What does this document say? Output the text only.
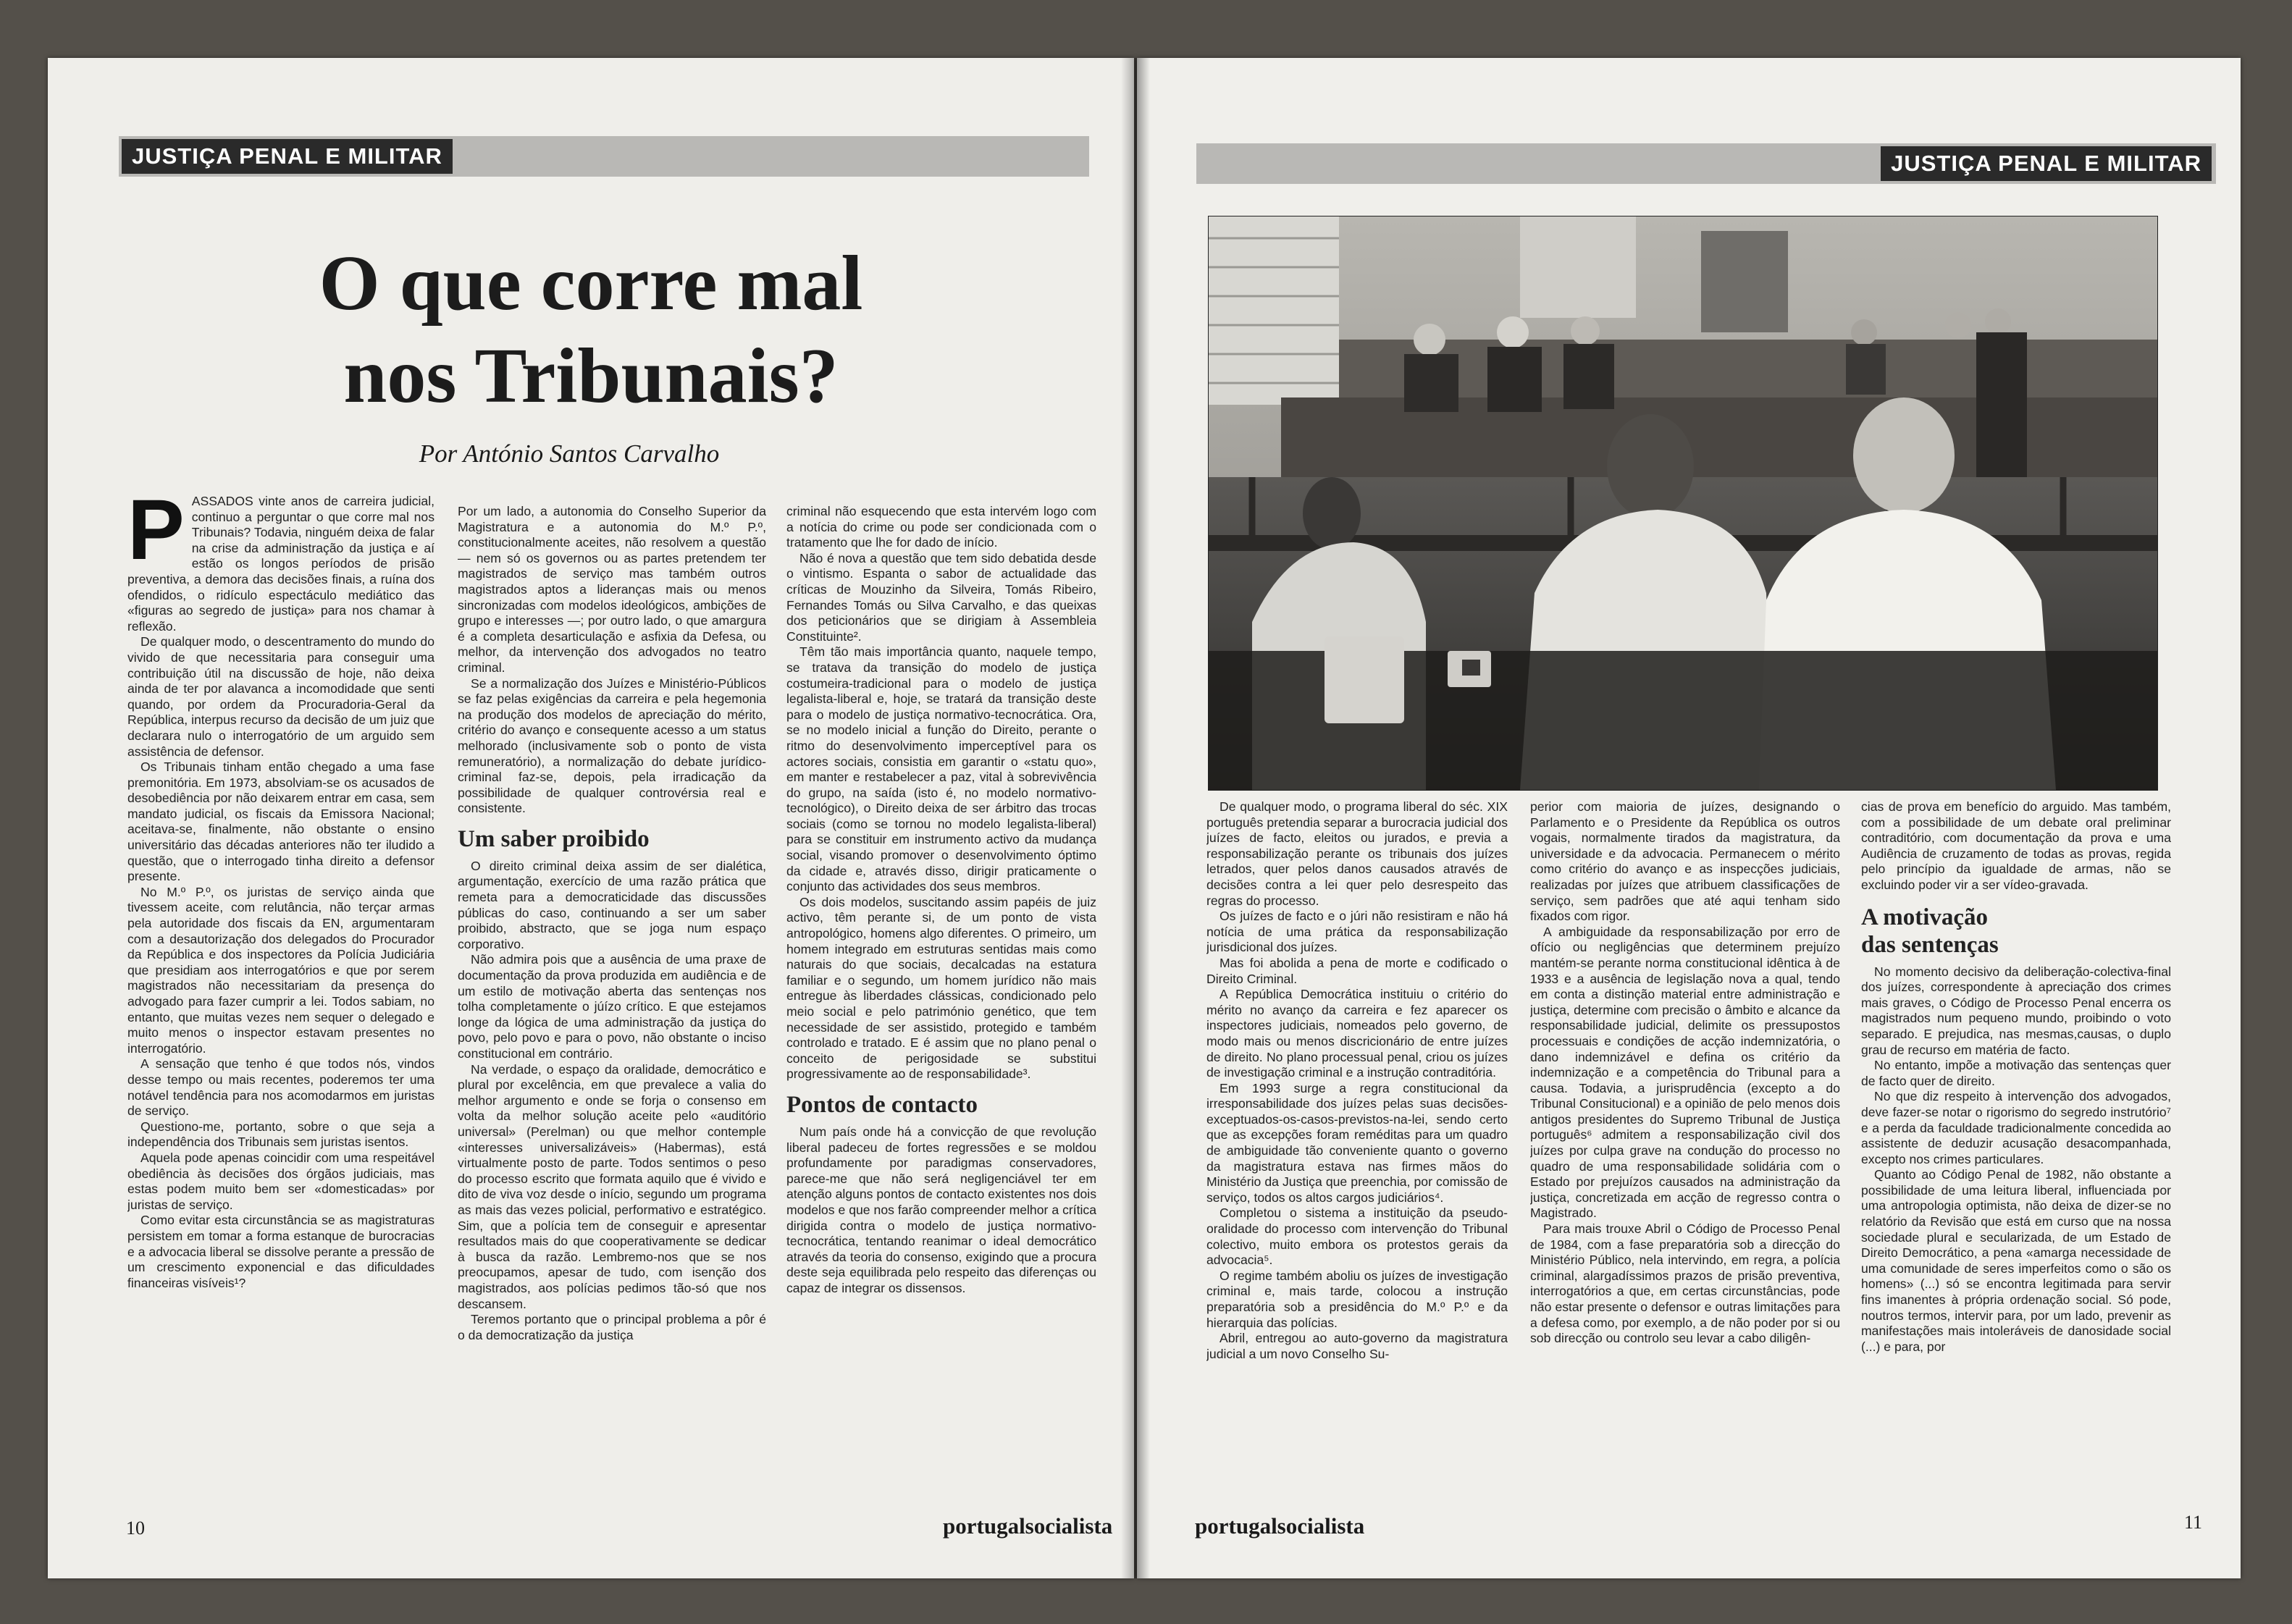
JUSTIÇA PENAL E MILITAR
O que corre mal
nos Tribunais?
Por António Santos Carvalho

PASSADOS vinte anos de carreira judicial, continuo a perguntar o que corre mal nos Tribunais? Todavia, ninguém deixa de falar na crise da administração da justiça e aí estão os longos períodos de prisão preventiva, a demora das decisões finais, a ruína dos ofendidos, o ridículo espectáculo mediático das «figuras ao segredo de justiça» para nos chamar à reflexão.

De qualquer modo, o descentramento do mundo do vivido de que necessitaria para conseguir uma contribuição útil na discussão de hoje, não deixa ainda de ter por alavanca a incomodidade que senti quando, por ordem da Procuradoria-Geral da República, interpus recurso da decisão de um juiz que declarara nulo o interrogatório de um arguido sem assistência de defensor.

Os Tribunais tinham então chegado a uma fase premonitória. Em 1973, absolviam-se os acusados de desobediência por não deixarem entrar em casa, sem mandato judicial, os fiscais da Emissora Nacional; aceitava-se, finalmente, não obstante o ensino universitário das décadas anteriores não ter iludido a questão, que o interrogado tinha direito a defensor presente.

No M.º P.º, os juristas de serviço ainda que tivessem aceite, com relutância, não terçar armas pela autoridade dos fiscais da EN, argumentaram com a desautorização dos delegados do Procurador da República e dos inspectores da Polícia Judiciária que presidiam aos interrogatórios e que por serem magistrados não necessitariam da presença do advogado para fazer cumprir a lei. Todos sabiam, no entanto, que muitas vezes nem sequer o delegado e muito menos o inspector estavam presentes no interrogatório.

A sensação que tenho é que todos nós, vindos desse tempo ou mais recentes, poderemos ter uma notável tendência para nos acomodarmos em juristas de serviço.

Questiono-me, portanto, sobre o que seja a independência dos Tribunais sem juristas isentos.

Aquela pode apenas coincidir com uma respeitável obediência às decisões dos órgãos judiciais, mas estas podem muito bem ser «domesticadas» por juristas de serviço.

Como evitar esta circunstância se as magistraturas persistem em tomar a forma estanque de burocracias e a advocacia liberal se dissolve perante a pressão de um crescimento exponencial e das dificuldades financeiras visíveis¹?

Por um lado, a autonomia do Conselho Superior da Magistratura e a autonomia do M.º P.º, constitucionalmente aceites, não resolvem a questão — nem só os governos ou as partes pretendem ter magistrados de serviço mas também outros magistrados aptos a lideranças mais ou menos sincronizadas com modelos ideológicos, ambições de grupo e interesses —; por outro lado, o que amargura é a completa desarticulação e asfixia da Defesa, ou melhor, da intervenção dos advogados no teatro criminal.

Se a normalização dos Juízes e Ministério-Públicos se faz pelas exigências da carreira e pela hegemonia na produção dos modelos de apreciação do mérito, critério do avanço e consequente acesso a um status melhorado (inclusivamente sob o ponto de vista remuneratório), a normalização do debate jurídico-criminal faz-se, depois, pela irradicação da possibilidade de qualquer controvérsia real e consistente.

Um saber proibido

O direito criminal deixa assim de ser dialética, argumentação, exercício de uma razão prática que remeta para a democraticidade das discussões públicas do caso, continuando a ser um saber proibido, abstracto, que se joga num espaço corporativo.

Não admira pois que a ausência de uma praxe de documentação da prova produzida em audiência e de um estilo de motivação aberta das sentenças nos tolha completamente o júízo crítico. E que estejamos longe da lógica de uma administração da justiça do povo, pelo povo e para o povo, não obstante o inciso constitucional em contrário.

Na verdade, o espaço da oralidade, democrático e plural por excelência, em que prevalece a valia do melhor argumento e onde se forja o consenso em volta da melhor solução aceite pelo «auditório universal» (Perelman) ou que melhor contemple «interesses universalizáveis» (Habermas), está virtualmente posto de parte. Todos sentimos o peso do processo escrito que formata aquilo que é vivido e dito de viva voz desde o início, segundo um programa as mais das vezes policial, performativo e estratégico. Sim, que a polícia tem de conseguir e apresentar resultados mais do que cooperativamente se dedicar à busca da razão. Lembremo-nos que se nos preocupamos, apesar de tudo, com isenção dos magistrados, aos polícias pedimos tão-só que nos descansem.

Teremos portanto que o principal problema a pôr é o da democratização da justiça

criminal não esquecendo que esta intervém logo com a notícia do crime ou pode ser condicionada com o tratamento que lhe for dado de início.

Não é nova a questão que tem sido debatida desde o vintismo. Espanta o sabor de actualidade das críticas de Mouzinho da Silveira, Tomás Ribeiro, Fernandes Tomás ou Silva Carvalho, e das queixas dos peticionários que se dirigiam à Assembleia Constituinte².

Têm tão mais importância quanto, naquele tempo, se tratava da transição do modelo de justiça costumeira-tradicional para o modelo de justiça legalista-liberal e, hoje, se tratará da transição deste para o modelo de justiça normativo-tecnocrática. Ora, se no modelo inicial a função do Direito, perante o ritmo do desenvolvimento imperceptível para os actores sociais, consistia em garantir o «statu quo», em manter e restabelecer a paz, vital à sobrevivência do grupo, na saída (isto é, no modelo normativo-tecnológico), o Direito deixa de ser árbitro das trocas sociais (como se tornou no modelo legalista-liberal) para se constituir em instrumento activo da mudança social, visando promover o desenvolvimento óptimo da cidade e, através disso, dirigir praticamente o conjunto das actividades dos seus membros.

Os dois modelos, suscitando assim papéis de juiz activo, têm perante si, de um ponto de vista antropológico, homens algo diferentes. O primeiro, um homem integrado em estruturas sentidas mais como naturais do que sociais, decalcadas na estatura familiar e o segundo, um homem jurídico não mais entregue às liberdades clássicas, condicionado pelo meio social e pelo património genético, que tem necessidade de ser assistido, protegido e também controlado e tratado. E é assim que no plano penal o conceito de perigosidade se substitui progressivamente ao de responsabilidade³.

Pontos de contacto

Num país onde há a convicção de que revolução liberal padeceu de fortes regressões e se moldou profundamente por paradigmas conservadores, parece-me que não será negligenciável ter em atenção alguns pontos de contacto existentes nos dois modelos e que nos farão compreender melhor a crítica dirigida contra o modelo de justiça normativo-tecnocrática, tentando reanimar o ideal democrático através da teoria do consenso, exigindo que a procura deste seja equilibrada pelo respeito das diferenças ou capaz de integrar os dissensos.

10	portugalsocialista
JUSTIÇA PENAL E MILITAR

De qualquer modo, o programa liberal do séc. XIX português pretendia separar a burocracia judicial dos juízes de facto, eleitos ou jurados, e previa a responsabilização perante os tribunais dos juízes letrados, quer pelos danos causados através de decisões contra a lei quer pelo desrespeito das regras do processo.

Os juízes de facto e o júri não resistiram e não há notícia de uma prática da responsabilização jurisdicional dos juízes.

Mas foi abolida a pena de morte e codificado o Direito Criminal.

A República Democrática instituiu o critério do mérito no avanço da carreira e fez aparecer os inspectores judiciais, nomeados pelo governo, de modo mais ou menos discricionário de entre juízes de direito. No plano processual penal, criou os juízes de investigação criminal e a instrução contraditória.

Em 1993 surge a regra constitucional da irresponsabilidade dos juízes pelas suas decisões-exceptuados-os-casos-previstos-na-lei, sendo certo que as excepções foram reméditas para um quadro de ambiguidade tão conveniente quanto o governo da magistratura estava nas firmes mãos do Ministério da Justiça que preenchia, por comissão de serviço, todos os altos cargos judiciários⁴.

Completou o sistema a instituição da pseudo-oralidade do processo com intervenção do Tribunal colectivo, muito embora os protestos gerais da advocacia⁵.

O regime também aboliu os juízes de investigação criminal e, mais tarde, colocou a instrução preparatória sob a presidência do M.º P.º e da hierarquia das polícias.

Abril, entregou ao auto-governo da magistratura judicial a um novo Conselho Su-

perior com maioria de juízes, designando o Parlamento e o Presidente da República os outros vogais, normalmente tirados da magistratura, da universidade e da advocacia. Permanecem o mérito como critério do avanço e as inspecções judiciais, realizadas por juízes que atribuem classificações de serviço, sem padrões que até aqui tenham sido fixados com rigor.

A ambiguidade da responsabilização por erro de ofício ou negligências que determinem prejuízo mantém-se perante norma constitucional idêntica à de 1933 e a ausência de legislação nova a qual, tendo em conta a distinção material entre administração e justiça, determine com precisão o âmbito e alcance da responsabilidade judicial, delimite os pressupostos processuais e condições de acção indemnizatória, o dano indemnizável e defina os critério da indemnização e a competência do Tribunal para a causa. Todavia, a jurisprudência (excepto a do Tribunal Consitucional) e a opinião de pelo menos dois antigos presidentes do Supremo Tribunal de Justiça português⁶ admitem a responsabilização civil dos juízes por culpa grave na condução do processo no quadro de uma responsabilidade solidária com o Estado por prejuízos causados na administração da justiça, concretizada em acção de regresso contra o Magistrado.

Para mais trouxe Abril o Código de Processo Penal de 1984, com a fase preparatória sob a direcção do Ministério Público, nela intervindo, em regra, a polícia criminal, alargadíssimos prazos de prisão preventiva, interrogatórios a que, em certas circunstâncias, pode não estar presente o defensor e outras limitações para a defesa como, por exemplo, a de não poder por si ou sob direcção ou controlo seu levar a cabo diligên-

cias de prova em benefício do arguido. Mas também, com a possibilidade de um debate oral preliminar contraditório, com documentação da prova e uma Audiência de cruzamento de todas as provas, regida pelo princípio da igualdade de armas, não se excluindo poder vir a ser vídeo-gravada.

A motivação
das sentenças

No momento decisivo da deliberação-colectiva-final dos juízes, correspondente à apreciação dos crimes mais graves, o Código de Processo Penal encerra os magistrados num pequeno mundo, proibindo o voto separado. E prejudica, nas mesmas,causas, o duplo grau de recurso em matéria de facto.

No entanto, impõe a motivação das sentenças quer de facto quer de direito.

No que diz respeito à intervenção dos advogados, deve fazer-se notar o rigorismo do segredo instrutório⁷ e a perda da faculdade tradicionalmente concedida ao assistente de deduzir acusação desacompanhada, excepto nos crimes particulares.

Quanto ao Código Penal de 1982, não obstante a possibilidade de uma leitura liberal, influenciada por uma antropologia optimista, não deixa de dizer-se no relatório da Revisão que está em curso que na nossa sociedade plural e secularizada, de um Estado de Direito Democrático, a pena «amarga necessidade de uma comunidade de seres imperfeitos como o são os homens» (...) só se encontra legitimada para servir fins imanentes à própria ordenação social. Só pode, noutros termos, intervir para, por um lado, prevenir as manifestações mais intoleráveis de danosidade social (...) e para, por

portugalsocialista	11
